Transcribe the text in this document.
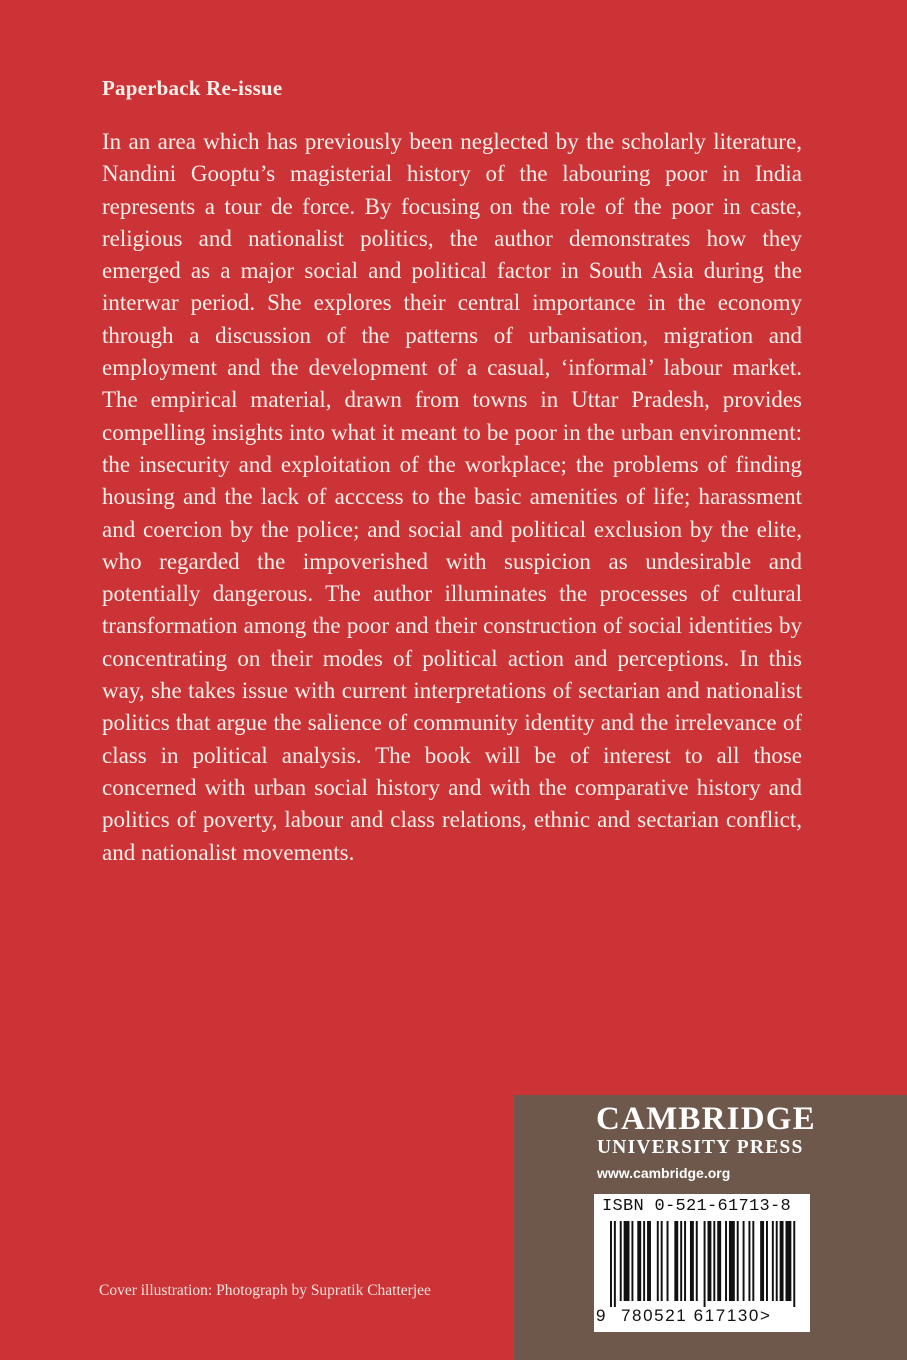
Paperback Re-issue

In an area which has previously been neglected by the scholarly literature, Nandini Gooptu’s magisterial history of the labouring poor in India represents a tour de force. By focusing on the role of the poor in caste, religious and nationalist politics, the author demonstrates how they emerged as a major social and political factor in South Asia during the interwar period. She explores their central importance in the economy through a discussion of the patterns of urbanisation, migration and employment and the development of a casual, ‘informal’ labour market. The empirical material, drawn from towns in Uttar Pradesh, provides compelling insights into what it meant to be poor in the urban environment: the insecurity and exploitation of the workplace; the problems of finding housing and the lack of acccess to the basic amenities of life; harassment and coercion by the police; and social and political exclusion by the elite, who regarded the impoverished with suspicion as undesirable and potentially dangerous. The author illuminates the processes of cultural transformation among the poor and their construction of social identities by concentrating on their modes of political action and perceptions. In this way, she takes issue with current interpretations of sectarian and nationalist politics that argue the salience of community identity and the irrelevance of class in political analysis. The book will be of interest to all those concerned with urban social history and with the comparative history and politics of poverty, labour and class relations, ethnic and sectarian conflict, and nationalist movements.

Cover illustration: Photograph by Supratik Chatterjee
CAMBRIDGE
UNIVERSITY PRESS
www.cambridge.org
ISBN 0-521-61713-8
9 780521 617130>
